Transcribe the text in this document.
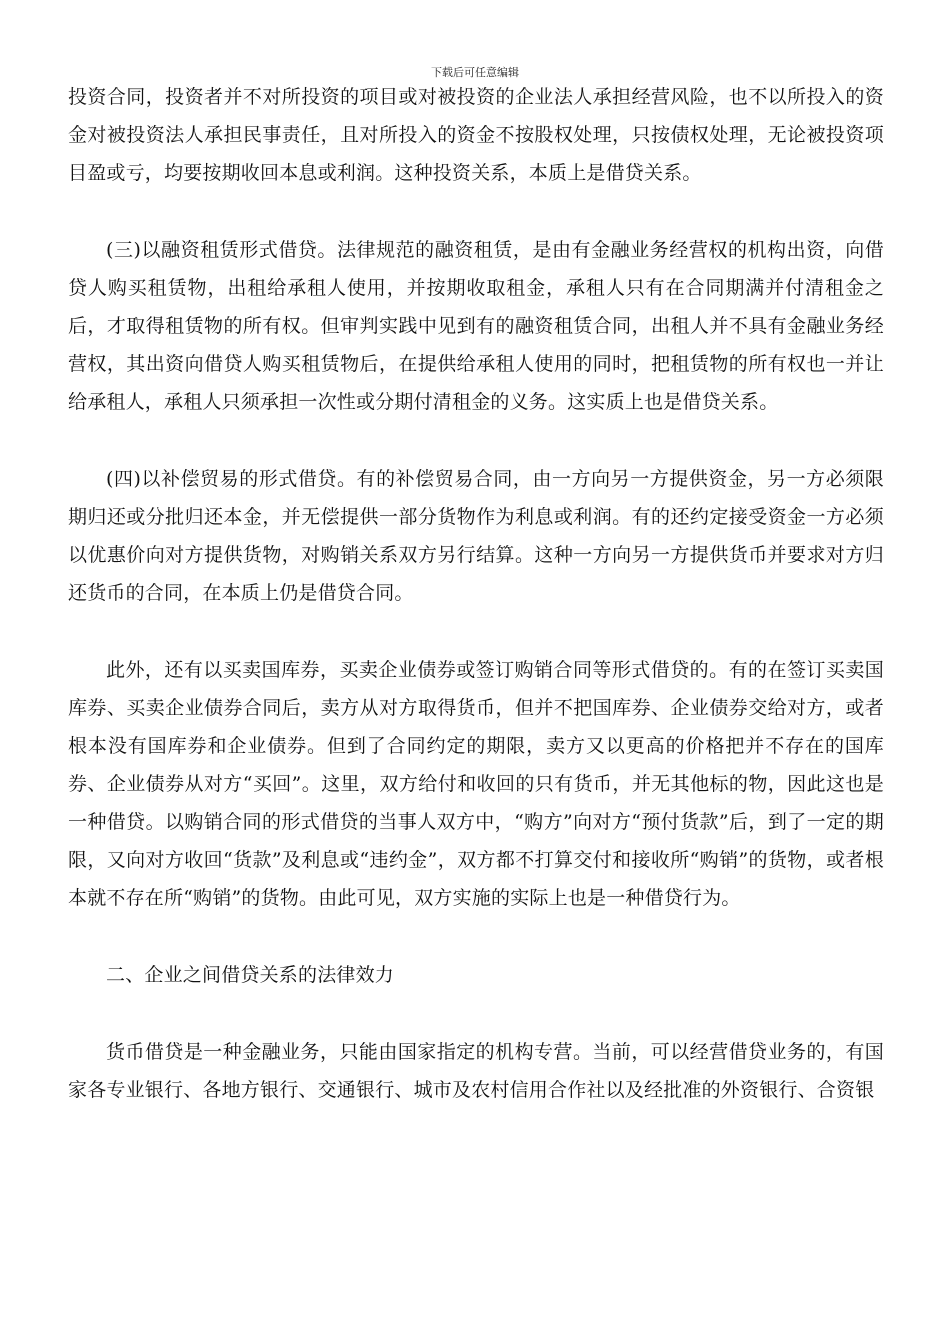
下载后可任意编辑

投资合同，投资者并不对所投资的项目或对被投资的企业法人承担经营风险，也不以所投入的资金对被投资法人承担民事责任，且对所投入的资金不按股权处理，只按债权处理，无论被投资项目盈或亏，均要按期收回本息或利润。这种投资关系，本质上是借贷关系。

(三)以融资租赁形式借贷。法律规范的融资租赁，是由有金融业务经营权的机构出资，向借贷人购买租赁物，出租给承租人使用，并按期收取租金，承租人只有在合同期满并付清租金之后，才取得租赁物的所有权。但审判实践中见到有的融资租赁合同，出租人并不具有金融业务经营权，其出资向借贷人购买租赁物后，在提供给承租人使用的同时，把租赁物的所有权也一并让给承租人，承租人只须承担一次性或分期付清租金的义务。这实质上也是借贷关系。

(四)以补偿贸易的形式借贷。有的补偿贸易合同，由一方向另一方提供资金，另一方必须限期归还或分批归还本金，并无偿提供一部分货物作为利息或利润。有的还约定接受资金一方必须以优惠价向对方提供货物，对购销关系双方另行结算。这种一方向另一方提供货币并要求对方归还货币的合同，在本质上仍是借贷合同。

此外，还有以买卖国库券，买卖企业债券或签订购销合同等形式借贷的。有的在签订买卖国库券、买卖企业债券合同后，卖方从对方取得货币，但并不把国库券、企业债券交给对方，或者根本没有国库券和企业债券。但到了合同约定的期限，卖方又以更高的价格把并不存在的国库券、企业债券从对方“买回”。这里，双方给付和收回的只有货币，并无其他标的物，因此这也是一种借贷。以购销合同的形式借贷的当事人双方中，“购方”向对方“预付货款”后，到了一定的期限，又向对方收回“货款”及利息或“违约金”，双方都不打算交付和接收所“购销”的货物，或者根本就不存在所“购销”的货物。由此可见，双方实施的实际上也是一种借贷行为。

二、企业之间借贷关系的法律效力

货币借贷是一种金融业务，只能由国家指定的机构专营。当前，可以经营借贷业务的，有国家各专业银行、各地方银行、交通银行、城市及农村信用合作社以及经批准的外资银行、合资银
